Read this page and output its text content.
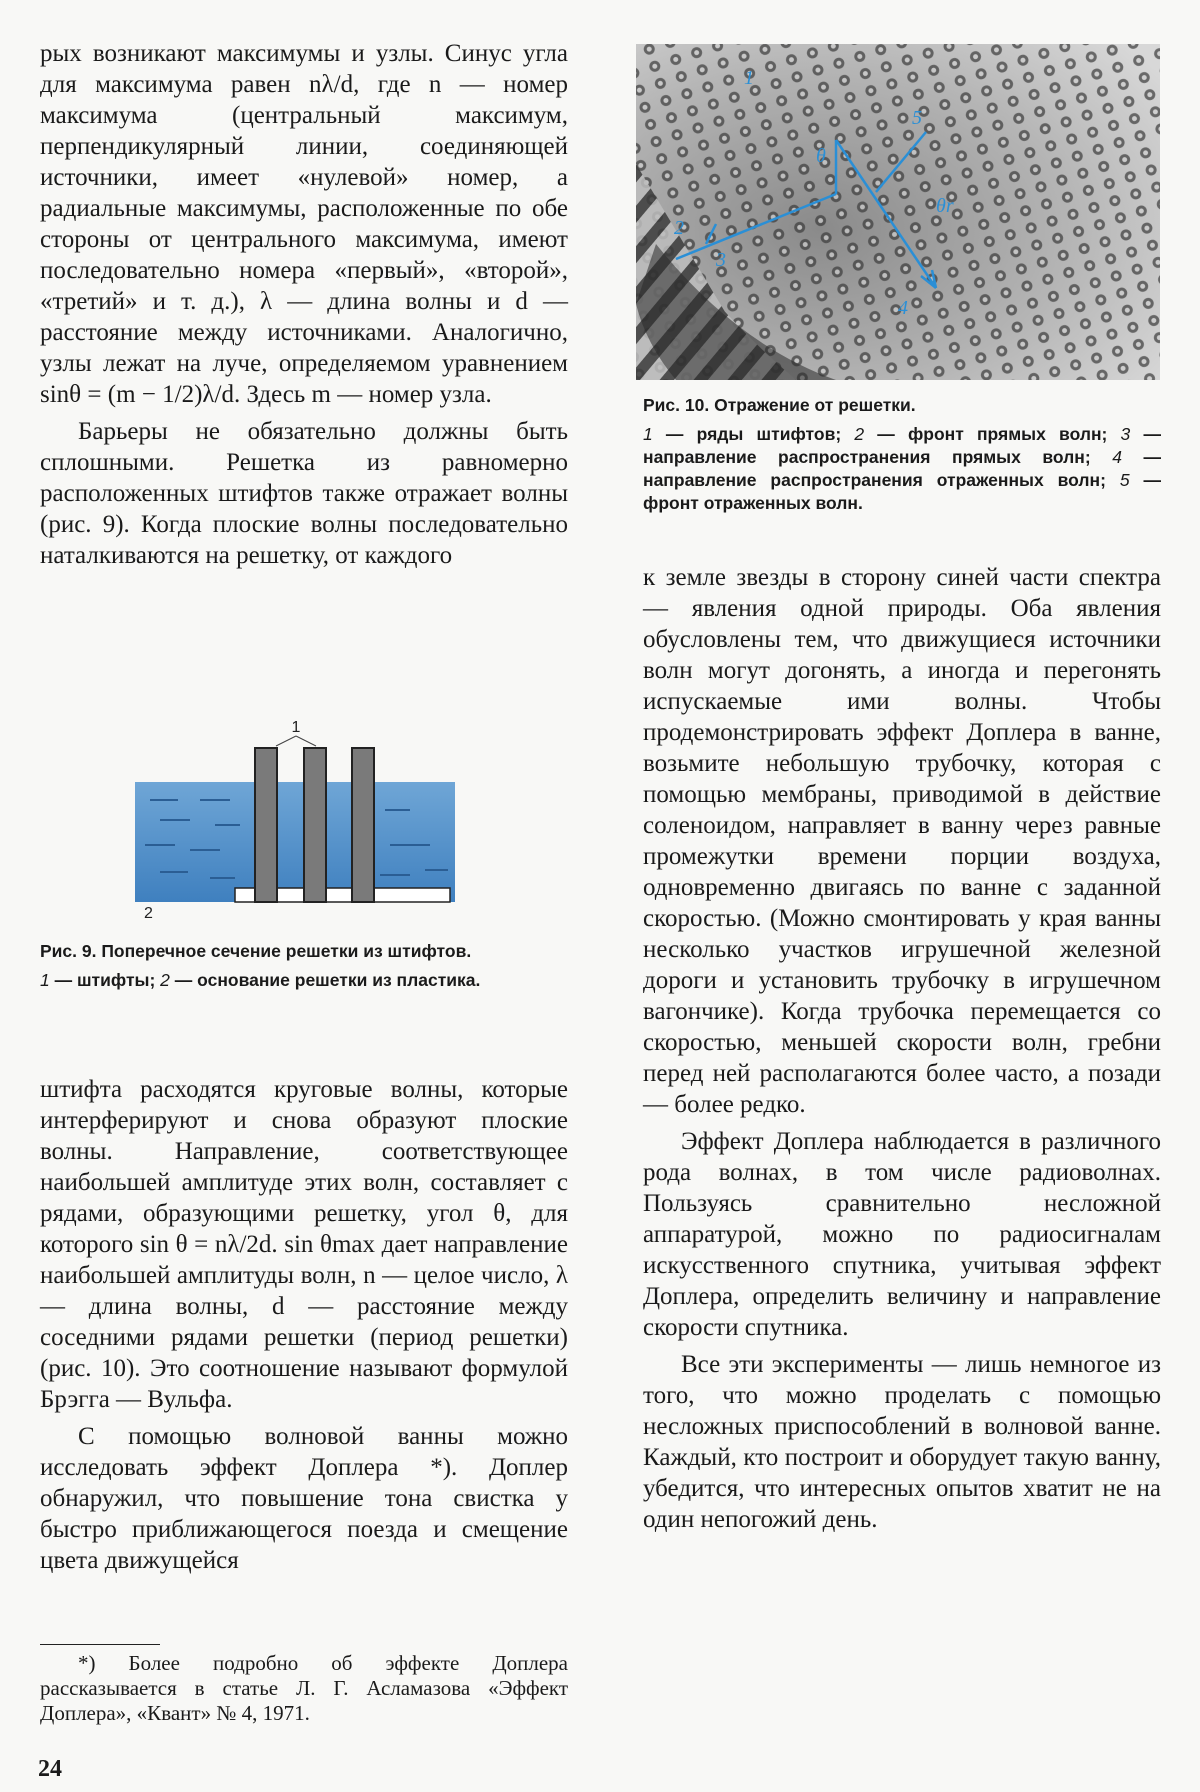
рых возникают максимумы и узлы. Синус угла для максимума равен nλ/d, где n — номер максимума (центральный максимум, перпендикулярный линии, соединяющей источники, имеет «нулевой» номер, а радиальные максимумы, расположенные по обе стороны от центрального максимума, имеют последовательно номера «первый», «второй», «третий» и т. д.), λ — длина волны и d — расстояние между источниками. Аналогично, узлы лежат на луче, определяемом уравнением sinθ = (m − 1/2)λ/d. Здесь m — номер узла.

Барьеры не обязательно должны быть сплошными. Решетка из равномерно расположенных штифтов также отражает волны (рис. 9). Когда плоские волны последовательно наталкиваются на решетку, от каждого

1
2

Рис. 9. Поперечное сечение решетки из штифтов.

1 — штифты; 2 — основание решетки из пластика.

штифта расходятся круговые волны, которые интерферируют и снова образуют плоские волны. Направление, соответствующее наибольшей амплитуде этих волн, составляет с рядами, образующими решетку, угол θ, для которого sin θ = nλ/2d. sin θmax дает направление наибольшей амплитуды волн, n — целое число, λ — длина волны, d — расстояние между соседними рядами решетки (период решетки) (рис. 10). Это соотношение называют формулой Брэгга — Вульфа.

С помощью волновой ванны можно исследовать эффект Доплера *). Доплер обнаружил, что повышение тона свистка у быстро приближающегося поезда и смещение цвета движущейся

*) Более подробно об эффекте Доплера рассказывается в статье Л. Г. Асламазова «Эффект Доплера», «Квант» № 4, 1971.

24
1
2
3
4
5
θr
θ

Рис. 10. Отражение от решетки.

1 — ряды штифтов; 2 — фронт прямых волн; 3 — направление распространения прямых волн; 4 — направление распространения отраженных волн; 5 — фронт отраженных волн.

к земле звезды в сторону синей части спектра — явления одной природы. Оба явления обусловлены тем, что движущиеся источники волн могут догонять, а иногда и перегонять испускаемые ими волны. Чтобы продемонстрировать эффект Доплера в ванне, возьмите небольшую трубочку, которая с помощью мембраны, приводимой в действие соленоидом, направляет в ванну через равные промежутки времени порции воздуха, одновременно двигаясь по ванне с заданной скоростью. (Можно смонтировать у края ванны несколько участков игрушечной железной дороги и установить трубочку в игрушечном вагончике). Когда трубочка перемещается со скоростью, меньшей скорости волн, гребни перед ней располагаются более часто, а позади — более редко.

Эффект Доплера наблюдается в различного рода волнах, в том числе радиоволнах. Пользуясь сравнительно несложной аппаратурой, можно по радиосигналам искусственного спутника, учитывая эффект Доплера, определить величину и направление скорости спутника.

Все эти эксперименты — лишь немногое из того, что можно проделать с помощью несложных приспособлений в волновой ванне. Каждый, кто построит и оборудует такую ванну, убедится, что интересных опытов хватит не на один непогожий день.
